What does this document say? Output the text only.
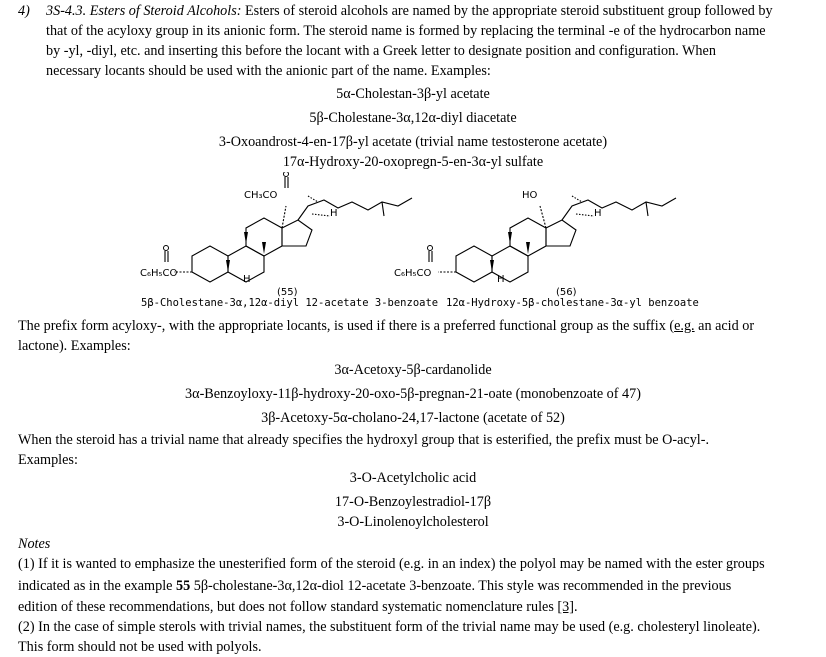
4) 3S-4.3. Esters of Steroid Alcohols: Esters of steroid alcohols are named by the appropriate steroid substituent group followed by
that of the acyloxy group in its anionic form. The steroid name is formed by replacing the terminal -e of the hydrocarbon name
by -yl, -diyl, etc. and inserting this before the locant with a Greek letter to designate position and configuration. When
necessary locants should be used with the anionic part of the name. Examples:
5α-Cholestan-3β-yl acetate
5β-Cholestane-3α,12α-diyl diacetate
3-Oxoandrost-4-en-17β-yl acetate (trivial name testosterone acetate)
17α-Hydroxy-20-oxopregn-5-en-3α-yl sulfate
CH₃CO
C₆H₅CO
H
H
(55)
5β-Cholestane-3α,12α-diyl 12-acetate 3-benzoate
HO
C₆H₅CO
H
H
(56)
12α-Hydroxy-5β-cholestane-3α-yl benzoate
The prefix form acyloxy-, with the appropriate locants, is used if there is a preferred functional group as the suffix (e.g. an acid or
lactone). Examples:
3α-Acetoxy-5β-cardanolide
3α-Benzoyloxy-11β-hydroxy-20-oxo-5β-pregnan-21-oate (monobenzoate of 47)
3β-Acetoxy-5α-cholano-24,17-lactone (acetate of 52)
When the steroid has a trivial name that already specifies the hydroxyl group that is esterified, the prefix must be O-acyl-.
Examples:
3-O-Acetylcholic acid
17-O-Benzoylestradiol-17β
3-O-Linolenoylcholesterol
Notes
(1) If it is wanted to emphasize the unesterified form of the steroid (e.g. in an index) the polyol may be named with the ester groups
indicated as in the example 55 5β-cholestane-3α,12α-diol 12-acetate 3-benzoate. This style was recommended in the previous
edition of these recommendations, but does not follow standard systematic nomenclature rules [3].
(2) In the case of simple sterols with trivial names, the substituent form of the trivial name may be used (e.g. cholesteryl linoleate).
This form should not be used with polyols.
